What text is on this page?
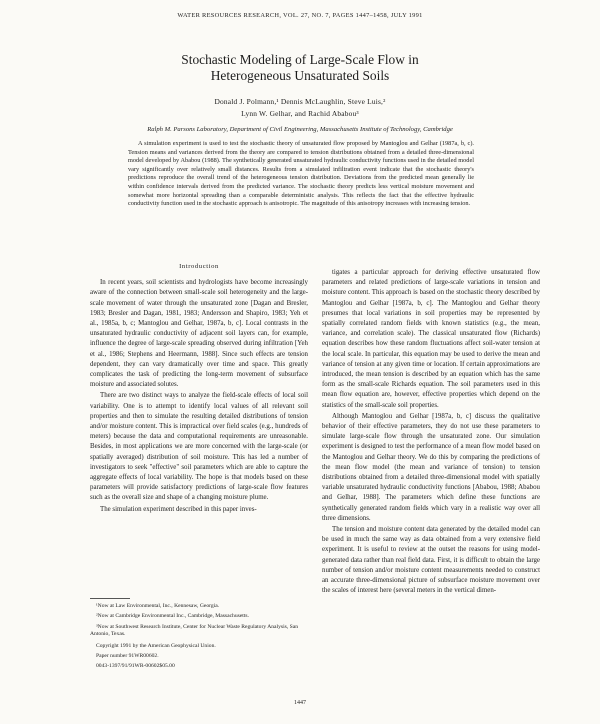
WATER RESOURCES RESEARCH, VOL. 27, NO. 7, PAGES 1447–1458, JULY 1991
Stochastic Modeling of Large-Scale Flow in
Heterogeneous Unsaturated Soils
Donald J. Polmann,¹ Dennis McLaughlin, Steve Luis,²
Lynn W. Gelhar, and Rachid Ababou³
Ralph M. Parsons Laboratory, Department of Civil Engineering, Massachusetts Institute of Technology, Cambridge

A simulation experiment is used to test the stochastic theory of unsaturated flow proposed by Mantoglou and Gelhar (1987a, b, c). Tension means and variances derived from the theory are compared to tension distributions obtained from a detailed three-dimensional model developed by Ababou (1988). The synthetically generated unsaturated hydraulic conductivity functions used in the detailed model vary significantly over relatively small distances. Results from a simulated infiltration event indicate that the stochastic theory's predictions reproduce the overall trend of the heterogeneous tension distribution. Deviations from the predicted mean generally lie within confidence intervals derived from the predicted variance. The stochastic theory predicts less vertical moisture movement and somewhat more horizontal spreading than a comparable deterministic analysis. This reflects the fact that the effective hydraulic conductivity function used in the stochastic approach is anisotropic. The magnitude of this anisotropy increases with increasing tension.

Introduction

In recent years, soil scientists and hydrologists have become increasingly aware of the connection between small-scale soil heterogeneity and the large-scale movement of water through the unsaturated zone [Dagan and Bresler, 1983; Bresler and Dagan, 1981, 1983; Andersson and Shapiro, 1983; Yeh et al., 1985a, b, c; Mantoglou and Gelhar, 1987a, b, c]. Local contrasts in the unsaturated hydraulic conductivity of adjacent soil layers can, for example, influence the degree of large-scale spreading observed during infiltration [Yeh et al., 1986; Stephens and Heermann, 1988]. Since such effects are tension dependent, they can vary dramatically over time and space. This greatly complicates the task of predicting the long-term movement of subsurface moisture and associated solutes.

There are two distinct ways to analyze the field-scale effects of local soil variability. One is to attempt to identify local values of all relevant soil properties and then to simulate the resulting detailed distributions of tension and/or moisture content. This is impractical over field scales (e.g., hundreds of meters) because the data and computational requirements are unreasonable. Besides, in most applications we are more concerned with the large-scale (or spatially averaged) distribution of soil moisture. This has led a number of investigators to seek "effective" soil parameters which are able to capture the aggregate effects of local variability. The hope is that models based on these parameters will provide satisfactory predictions of large-scale flow features such as the overall size and shape of a changing moisture plume.

The simulation experiment described in this paper inves-

¹Now at Law Environmental, Inc., Kennesaw, Georgia.

²Now at Cambridge Environmental Inc., Cambridge, Massachusetts.

³Now at Southwest Research Institute, Center for Nuclear Waste Regulatory Analysis, San Antonio, Texas.

Copyright 1991 by the American Geophysical Union.

Paper number 91WR00602.

0043-1397/91/91WR-00602$05.00

tigates a particular approach for deriving effective unsaturated flow parameters and related predictions of large-scale variations in tension and moisture content. This approach is based on the stochastic theory described by Mantoglou and Gelhar [1987a, b, c]. The Mantoglou and Gelhar theory presumes that local variations in soil properties may be represented by spatially correlated random fields with known statistics (e.g., the mean, variance, and correlation scale). The classical unsaturated flow (Richards) equation describes how these random fluctuations affect soil-water tension at the local scale. In particular, this equation may be used to derive the mean and variance of tension at any given time or location. If certain approximations are introduced, the mean tension is described by an equation which has the same form as the small-scale Richards equation. The soil parameters used in this mean flow equation are, however, effective properties which depend on the statistics of the small-scale soil properties.

Although Mantoglou and Gelhar [1987a, b, c] discuss the qualitative behavior of their effective parameters, they do not use these parameters to simulate large-scale flow through the unsaturated zone. Our simulation experiment is designed to test the performance of a mean flow model based on the Mantoglou and Gelhar theory. We do this by comparing the predictions of the mean flow model (the mean and variance of tension) to tension distributions obtained from a detailed three-dimensional model with spatially variable unsaturated hydraulic conductivity functions [Ababou, 1988; Ababou and Gelhar, 1988]. The parameters which define these functions are synthetically generated random fields which vary in a realistic way over all three dimensions.

The tension and moisture content data generated by the detailed model can be used in much the same way as data obtained from a very extensive field experiment. It is useful to review at the outset the reasons for using model-generated data rather than real field data. First, it is difficult to obtain the large number of tension and/or moisture content measurements needed to construct an accurate three-dimensional picture of subsurface moisture movement over the scales of interest here (several meters in the vertical dimen-

1447
